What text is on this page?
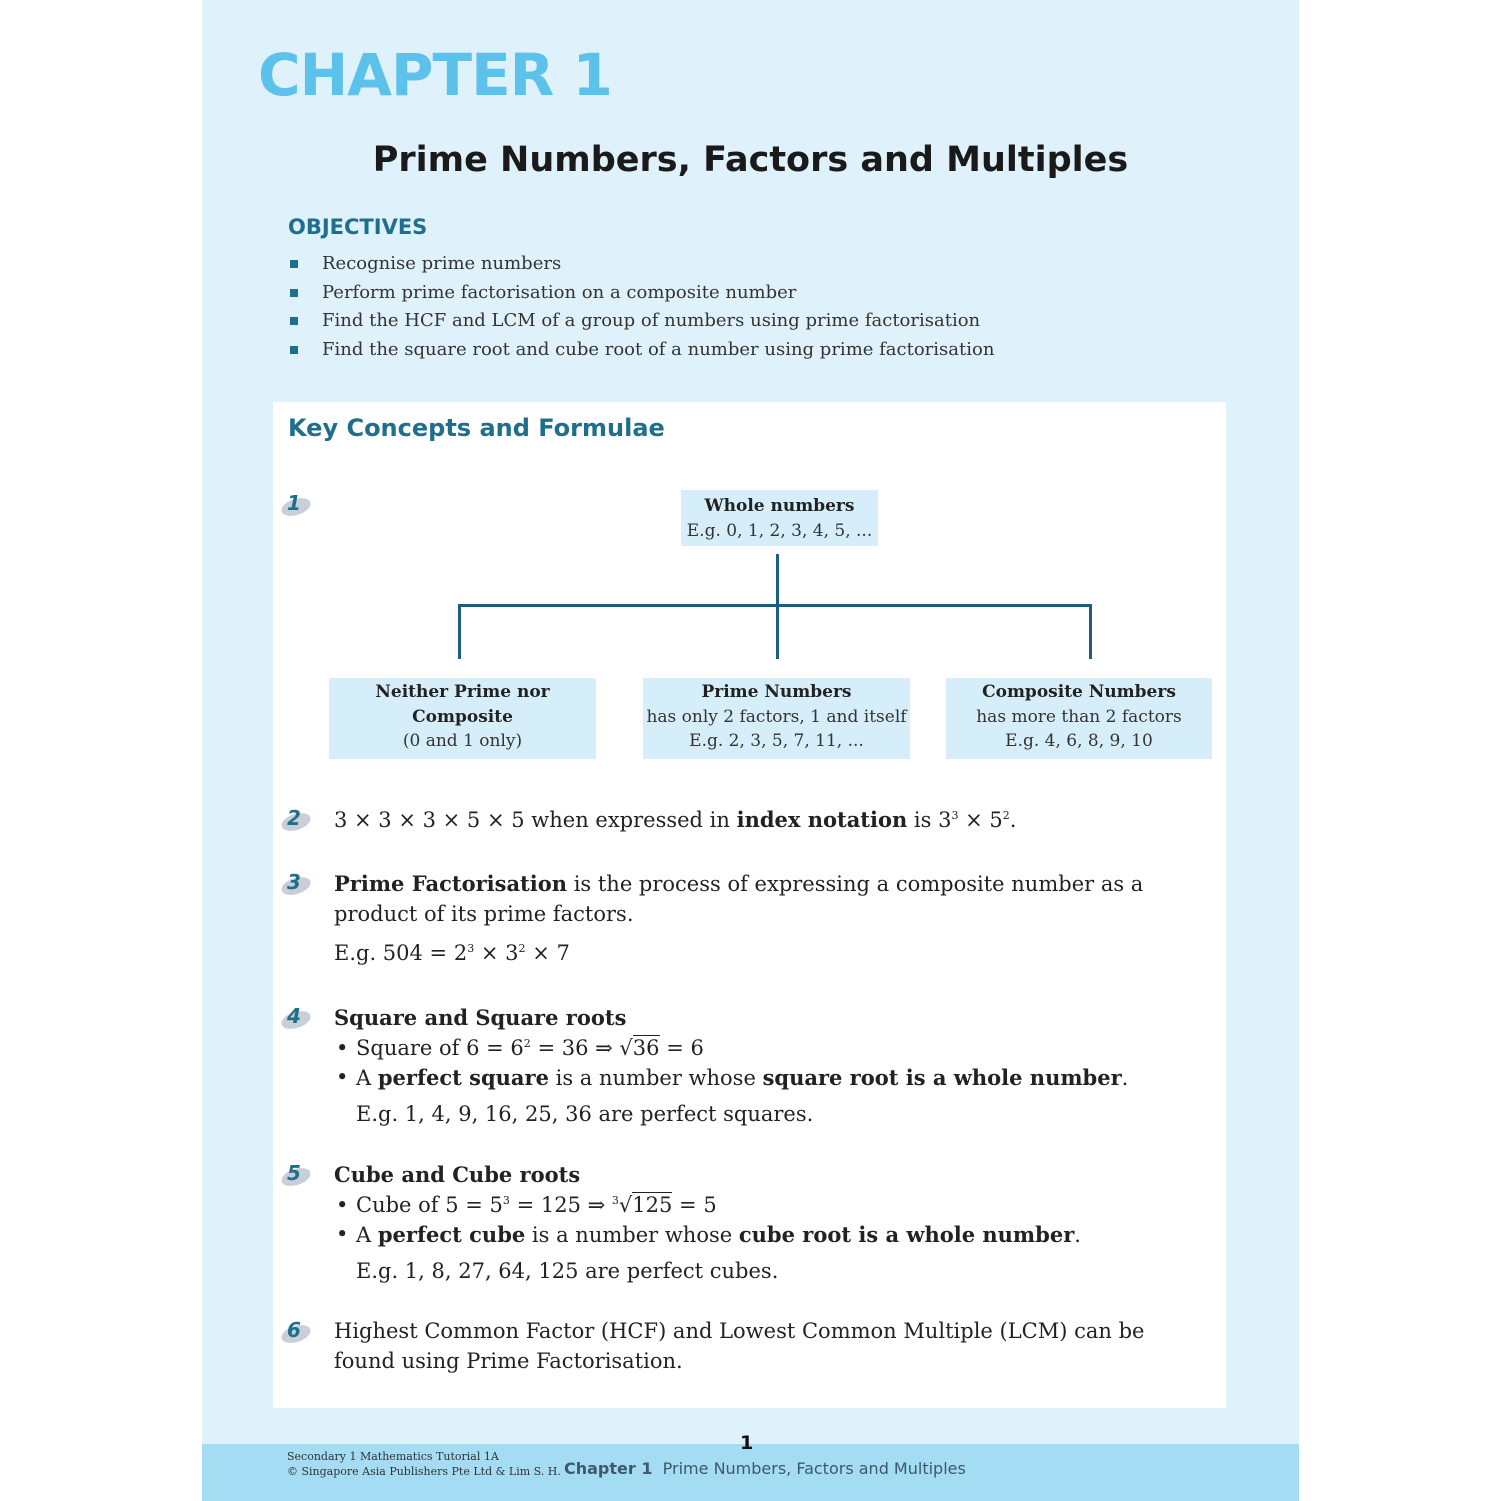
CHAPTER 1
Prime Numbers, Factors and Multiples
OBJECTIVES
Recognise prime numbers
Perform prime factorisation on a composite number
Find the HCF and LCM of a group of numbers using prime factorisation
Find the square root and cube root of a number using prime factorisation
Key Concepts and Formulae
1	Whole numbers
E.g. 0, 1, 2, 3, 4, 5, ...
Neither Prime nor Composite
(0 and 1 only)
Prime Numbers
has only 2 factors, 1 and itself
E.g. 2, 3, 5, 7, 11, ...
Composite Numbers
has more than 2 factors
E.g. 4, 6, 8, 9, 10
2 3 × 3 × 3 × 5 × 5 when expressed in index notation is $3^3 \times 5^2$.

3 Prime Factorisation is the process of expressing a composite number as a product of its prime factors.

E.g. $504 = 2^3 \times 3^2 \times 7$

4 Square and Square roots

• Square of $6 = 6^2 = 36$ ⇒ √36 = 6

• A perfect square is a number whose square root is a whole number.

E.g. 1, 4, 9, 16, 25, 36 are perfect squares.

5 Cube and Cube roots

• Cube of $5 = 5^3 = 125$ ⇒ $^3$√125 = 5

• A perfect cube is a number whose cube root is a whole number.

E.g. 1, 8, 27, 64, 125 are perfect cubes.

6 Highest Common Factor (HCF) and Lowest Common Multiple (LCM) can be found using Prime Factorisation.

Secondary 1 Mathematics Tutorial 1A
© Singapore Asia Publishers Pte Ltd & Lim S. H.
1
Chapter 1 Prime Numbers, Factors and Multiples
